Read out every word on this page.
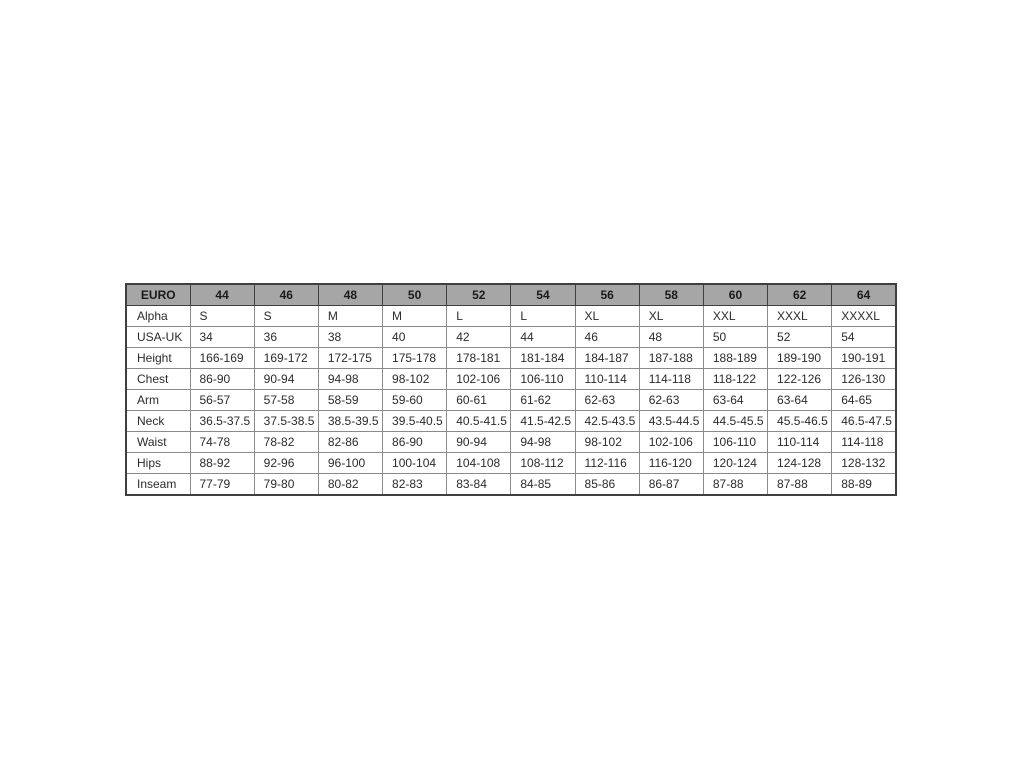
EURO	44	46	48	50	52	54	56	58	60	62	64
Alpha	S	S	M	M	L	L	XL	XL	XXL	XXXL	XXXXL
USA-UK	34	36	38	40	42	44	46	48	50	52	54
Height	166-169	169-172	172-175	175-178	178-181	181-184	184-187	187-188	188-189	189-190	190-191
Chest	86-90	90-94	94-98	98-102	102-106	106-110	110-114	114-118	118-122	122-126	126-130
Arm	56-57	57-58	58-59	59-60	60-61	61-62	62-63	62-63	63-64	63-64	64-65
Neck	36.5-37.5	37.5-38.5	38.5-39.5	39.5-40.5	40.5-41.5	41.5-42.5	42.5-43.5	43.5-44.5	44.5-45.5	45.5-46.5	46.5-47.5
Waist	74-78	78-82	82-86	86-90	90-94	94-98	98-102	102-106	106-110	110-114	114-118
Hips	88-92	92-96	96-100	100-104	104-108	108-112	112-116	116-120	120-124	124-128	128-132
Inseam	77-79	79-80	80-82	82-83	83-84	84-85	85-86	86-87	87-88	87-88	88-89
